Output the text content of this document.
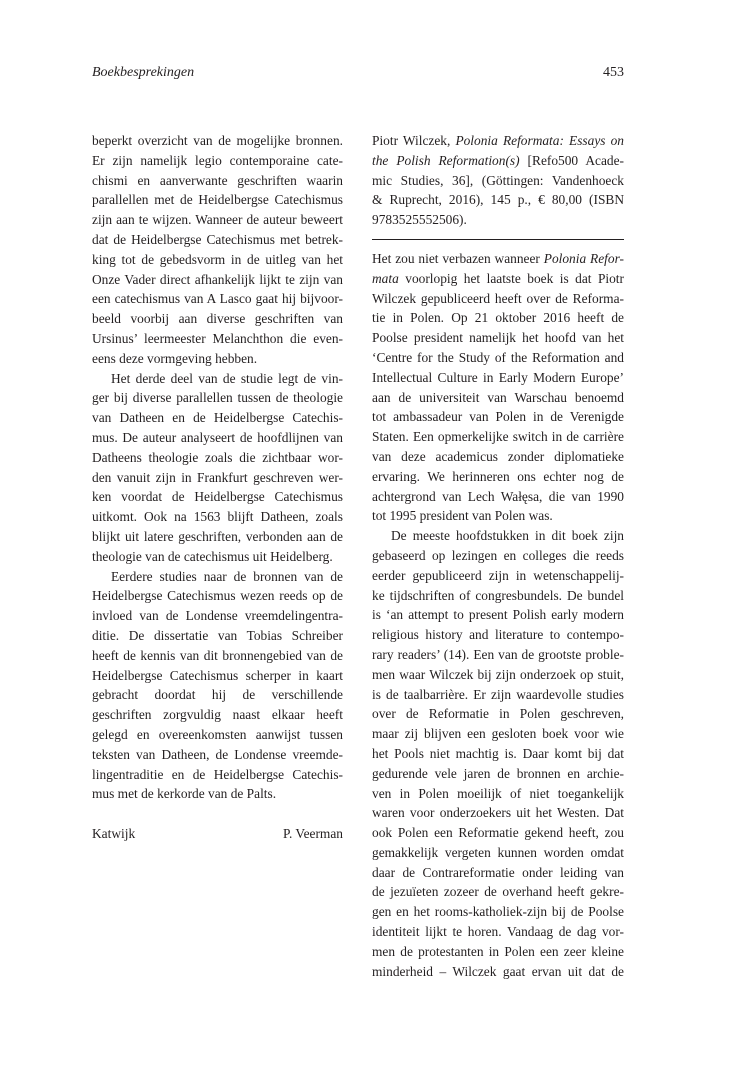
Boekbesprekingen	453
beperkt overzicht van de mogelijke bronnen.
Er zijn namelijk legio contemporaine cate-
chismi en aanverwante geschriften waarin
parallellen met de Heidelbergse Catechismus
zijn aan te wijzen. Wanneer de auteur beweert
dat de Heidelbergse Catechismus met betrek-
king tot de gebedsvorm in de uitleg van het
Onze Vader direct afhankelijk lijkt te zijn van
een catechismus van A Lasco gaat hij bijvoor-
beeld voorbij aan diverse geschriften van
Ursinus’ leermeester Melanchthon die even-
eens deze vormgeving hebben.
Het derde deel van de studie legt de vin-
ger bij diverse parallellen tussen de theologie
van Datheen en de Heidelbergse Catechis-
mus. De auteur analyseert de hoofdlijnen van
Datheens theologie zoals die zichtbaar wor-
den vanuit zijn in Frankfurt geschreven wer-
ken voordat de Heidelbergse Catechismus
uitkomt. Ook na 1563 blijft Datheen, zoals
blijkt uit latere geschriften, verbonden aan de
theologie van de catechismus uit Heidelberg.
Eerdere studies naar de bronnen van de
Heidelbergse Catechismus wezen reeds op de
invloed van de Londense vreemdelingentra-
ditie. De dissertatie van Tobias Schreiber
heeft de kennis van dit bronnengebied van de
Heidelbergse Catechismus scherper in kaart
gebracht doordat hij de verschillende
geschriften zorgvuldig naast elkaar heeft
gelegd en overeenkomsten aanwijst tussen
teksten van Datheen, de Londense vreemde-
lingentraditie en de Heidelbergse Catechis-
mus met de kerkorde van de Palts.
Katwijk	P. Veerman
Piotr Wilczek, Polonia Reformata: Essays on
the Polish Reformation(s) [Refo500 Acade-
mic Studies, 36], (Göttingen: Vandenhoeck
& Ruprecht, 2016), 145 p., € 80,00 (ISBN
9783525552506).
Het zou niet verbazen wanneer Polonia Refor-
mata voorlopig het laatste boek is dat Piotr
Wilczek gepubliceerd heeft over de Reforma-
tie in Polen. Op 21 oktober 2016 heeft de
Poolse president namelijk het hoofd van het
‘Centre for the Study of the Reformation and
Intellectual Culture in Early Modern Europe’
aan de universiteit van Warschau benoemd
tot ambassadeur van Polen in de Verenigde
Staten. Een opmerkelijke switch in de carrière
van deze academicus zonder diplomatieke
ervaring. We herinneren ons echter nog de
achtergrond van Lech Wałęsa, die van 1990
tot 1995 president van Polen was.
De meeste hoofdstukken in dit boek zijn
gebaseerd op lezingen en colleges die reeds
eerder gepubliceerd zijn in wetenschappelij-
ke tijdschriften of congresbundels. De bundel
is ‘an attempt to present Polish early modern
religious history and literature to contempo-
rary readers’ (14). Een van de grootste proble-
men waar Wilczek bij zijn onderzoek op stuit,
is de taalbarrière. Er zijn waardevolle studies
over de Reformatie in Polen geschreven,
maar zij blijven een gesloten boek voor wie
het Pools niet machtig is. Daar komt bij dat
gedurende vele jaren de bronnen en archie-
ven in Polen moeilijk of niet toegankelijk
waren voor onderzoekers uit het Westen. Dat
ook Polen een Reformatie gekend heeft, zou
gemakkelijk vergeten kunnen worden omdat
daar de Contrareformatie onder leiding van
de jezuïeten zozeer de overhand heeft gekre-
gen en het rooms-katholiek-zijn bij de Poolse
identiteit lijkt te horen. Vandaag de dag vor-
men de protestanten in Polen een zeer kleine
minderheid – Wilczek gaat ervan uit dat de
